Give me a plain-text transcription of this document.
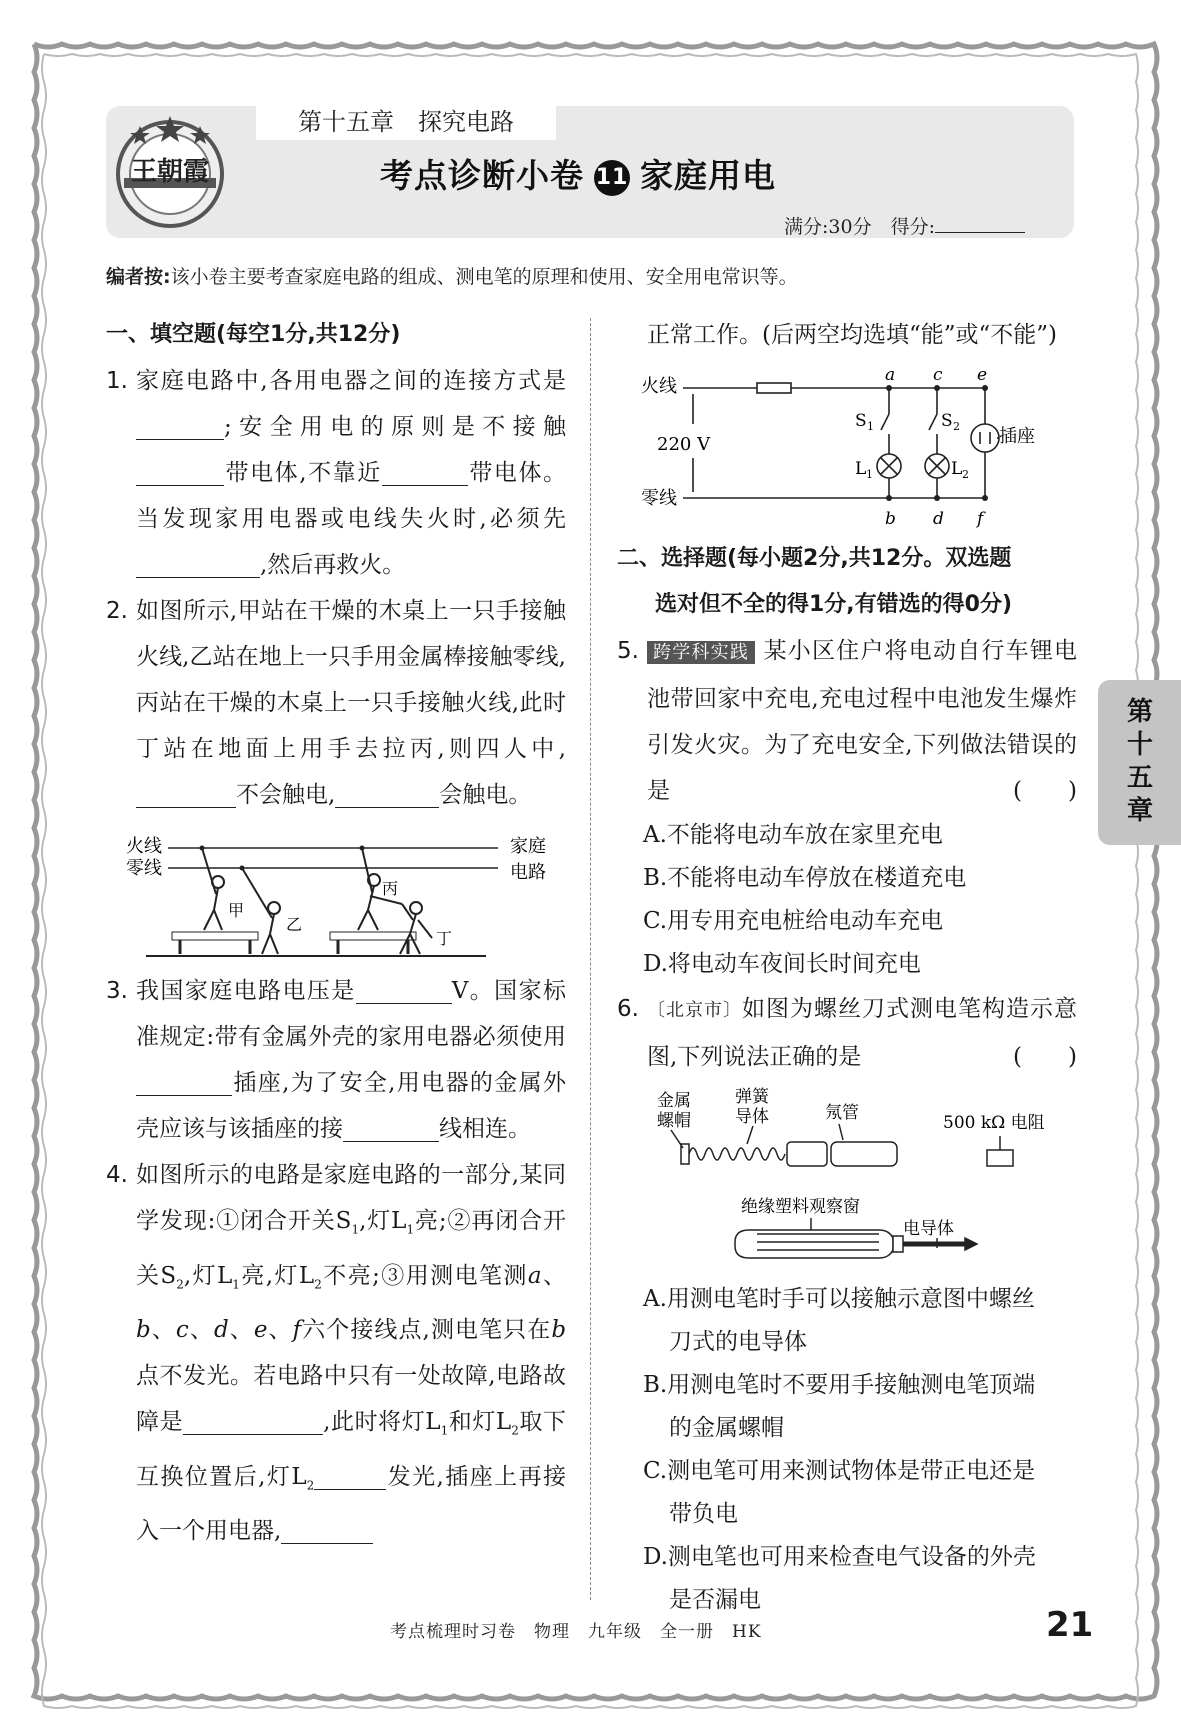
第十五章　探究电路
王朝霞	考点诊断小卷 11 家庭用电
满分:30分　得分:
编者按:该小卷主要考查家庭电路的组成、测电笔的原理和使用、安全用电常识等。
一、填空题(每空1分,共12分)
1. 家庭电路中,各用电器之间的连接方式是;安全用电的原则是不接触带电体,不靠近	带电体。当发现家用电器或电线失火时,必须先,然后再救火。
2. 如图所示,甲站在干燥的木桌上一只手接触火线,乙站在地上一只手用金属棒接触零线,丙站在干燥的木桌上一只手接触火线,此时丁站在地面上用手去拉丙,则四人中,不会触电,	会触电。
火线
零线
家庭
电路
甲
乙
丙
丁
3. 我国家庭电路电压是	V。国家标准规定:带有金属外壳的家用电器必须使用插座,为了安全,用电器的金属外壳应该与该插座的接	线相连。
4. 如图所示的电路是家庭电路的一部分,某同学发现:①闭合开关$S_1$,灯$L_1$亮;②再闭合开关$S_2$,灯$L_1$亮,灯$L_2$不亮;③用测电笔测a、b、c、d、e、f六个接线点,测电笔只在b点不发光。若电路中只有一处故障,电路故障是	,此时将灯$L_1$和灯$L_2$取下互换位置后,灯$L_2$	发光,插座上再接入一个用电器,
正常工作。(后两空均选填“能”或“不能”)
火线
零线
220 V	插座
a c e
b d f
S 1	S 2
L 1	L 2
二、选择题(每小题2分,共12分。双选题
选对但不全的得1分,有错选的得0分)
5. 跨学科实践 某小区住户将电动自行车锂电池带回家中充电,充电过程中电池发生爆炸引发火灾。为了充电安全,下列做法错误的是	(　　)
A.不能将电动车放在家里充电
B.不能将电动车停放在楼道充电
C.用专用充电桩给电动车充电
D.将电动车夜间长时间充电
6. 〔北京市〕如图为螺丝刀式测电笔构造示意图,下列说法正确的是	(　　)
金属
螺帽
弹簧
导体	氖管	500 kΩ 电阻
绝缘塑料观察窗
电导体
A.用测电笔时手可以接触示意图中螺丝
刀式的电导体
B.用测电笔时不要用手接触测电笔顶端
的金属螺帽
C.测电笔可用来测试物体是带正电还是
带负电
D.测电笔也可用来检查电气设备的外壳
是否漏电
第十五章
考点梳理时习卷　物理　九年级　全一册　HK	21
